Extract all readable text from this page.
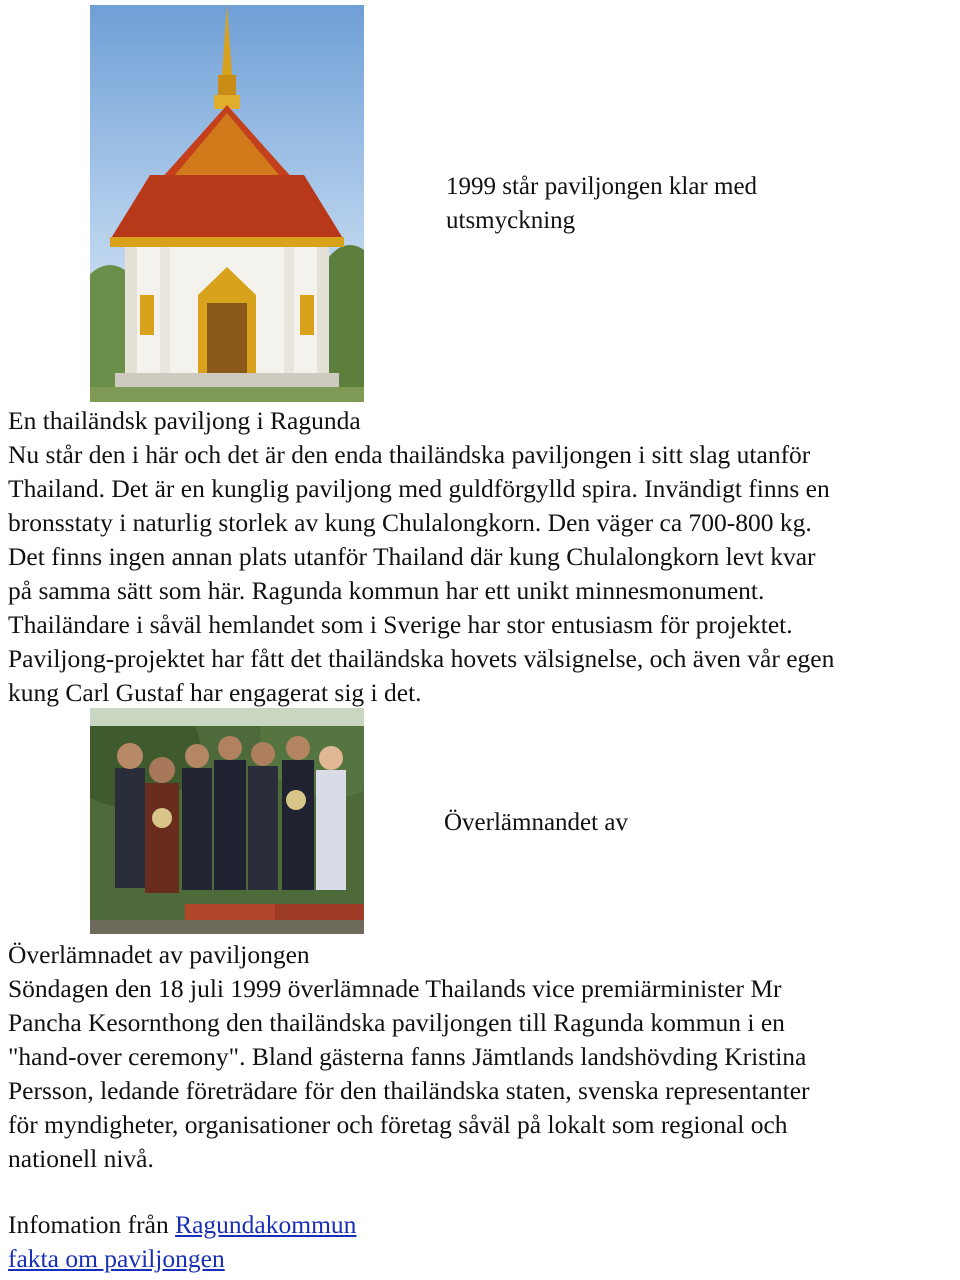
1999 står paviljongen klar med
utsmyckning
En thailändsk paviljong i Ragunda
Nu står den i här och det är den enda thailändska paviljongen i sitt slag utanför
Thailand. Det är en kunglig paviljong med guldförgylld spira. Invändigt finns en
bronsstaty i naturlig storlek av kung Chulalongkorn. Den väger ca 700-800 kg.
Det finns ingen annan plats utanför Thailand där kung Chulalongkorn levt kvar
på samma sätt som här. Ragunda kommun har ett unikt minnesmonument.
Thailändare i såväl hemlandet som i Sverige har stor entusiasm för projektet.
Paviljong-projektet har fått det thailändska hovets välsignelse, och även vår egen
kung Carl Gustaf har engagerat sig i det.
Överlämnandet av
Överlämnadet av paviljongen
Söndagen den 18 juli 1999 överlämnade Thailands vice premiärminister Mr
Pancha Kesornthong den thailändska paviljongen till Ragunda kommun i en
"hand-over ceremony". Bland gästerna fanns Jämtlands landshövding Kristina
Persson, ledande företrädare för den thailändska staten, svenska representanter
för myndigheter, organisationer och företag såväl på lokalt som regional och
nationell nivå.
Infomation från Ragundakommun
fakta om paviljongen
